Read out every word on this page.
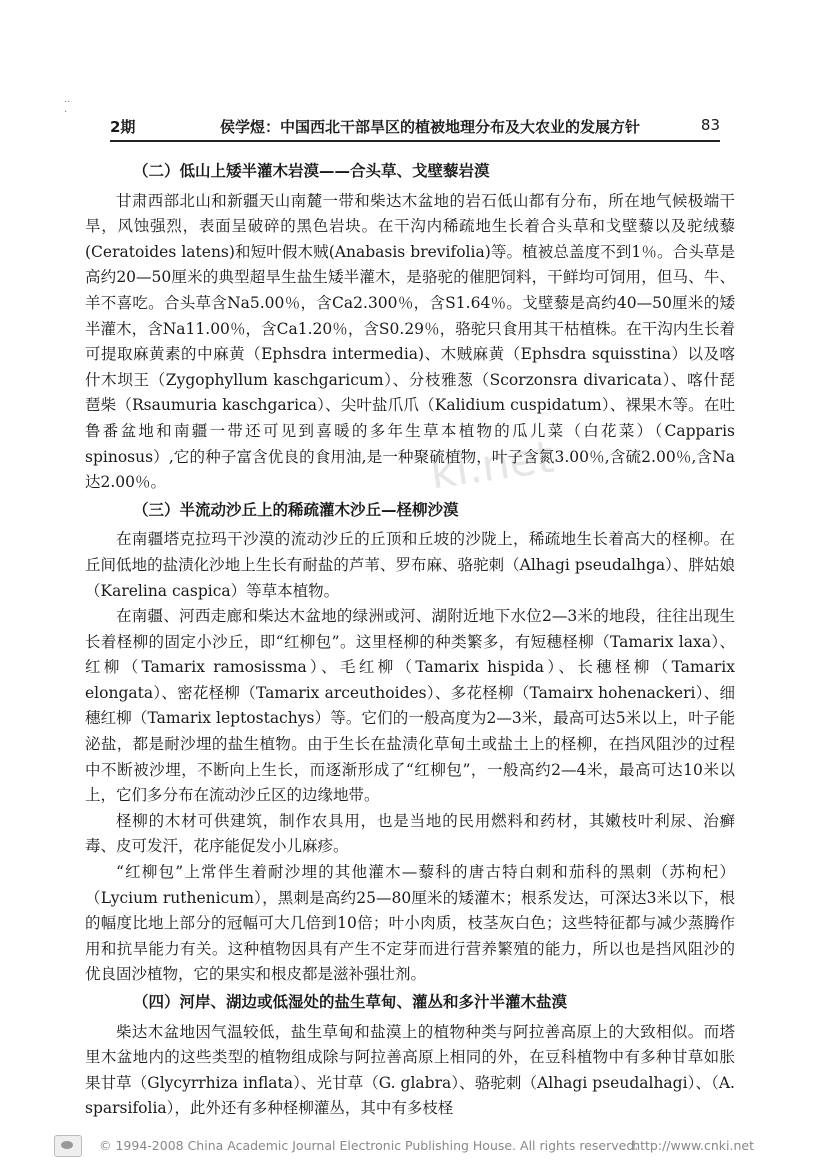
··
·
2期	侯学煜：中国西北干部旱区的植被地理分布及大农业的发展方针	83
ki.net
（二）低山上矮半灌木岩漠——合头草、戈壁藜岩漠

甘肃西部北山和新疆天山南麓一带和柴达木盆地的岩石低山都有分布，所在地气候极端干旱，风蚀强烈，表面呈破碎的黑色岩块。在干沟内稀疏地生长着合头草和戈壁藜以及驼绒藜(Ceratoides latens)和短叶假木贼(Anabasis brevifolia)等。植被总盖度不到1％。合头草是高约20—50厘米的典型超旱生盐生矮半灌木，是骆驼的催肥饲料，干鲜均可饲用，但马、牛、羊不喜吃。合头草含Na5.00％，含Ca2.300％，含S1.64％。戈壁藜是高约40—50厘米的矮半灌木，含Na11.00％，含Ca1.20％，含S0.29％，骆驼只食用其干枯植株。在干沟内生长着可提取麻黄素的中麻黄（Ephsdra intermedia)、木贼麻黄（Ephsdra squisstina）以及喀什木坝王（Zygophyllum kaschgaricum）、分枝雅葱（Scorzonsra divaricata）、喀什琵琶柴（Rsaumuria kaschgarica）、尖叶盐爪爪（Kalidium cuspidatum）、裸果木等。在吐鲁番盆地和南疆一带还可见到喜暖的多年生草本植物的瓜儿菜（白花菜）（Capparis spinosus）,它的种子富含优良的食用油,是一种聚硫植物，叶子含氮3.00％,含硫2.00％,含Na达2.00％。

（三）半流动沙丘上的稀疏灌木沙丘—柽柳沙漠

在南疆塔克拉玛干沙漠的流动沙丘的丘顶和丘坡的沙陇上，稀疏地生长着高大的柽柳。在丘间低地的盐渍化沙地上生长有耐盐的芦苇、罗布麻、骆驼刺（Alhagi pseudalhga）、胖姑娘（Karelina caspica）等草本植物。

在南疆、河西走廊和柴达木盆地的绿洲或河、湖附近地下水位2—3米的地段，往往出现生长着柽柳的固定小沙丘，即“红柳包”。这里柽柳的种类繁多，有短穗柽柳（Tamarix laxa）、红柳（Tamarix ramosissma）、毛红柳（Tamarix hispida）、长穗柽柳（Tamarix elongata）、密花柽柳（Tamarix arceuthoides）、多花柽柳（Tamairx hohenackeri）、细穗红柳（Tamarix leptostachys）等。它们的一般高度为2—3米，最高可达5米以上，叶子能泌盐，都是耐沙埋的盐生植物。由于生长在盐渍化草甸土或盐土上的柽柳，在挡风阻沙的过程中不断被沙埋，不断向上生长，而逐渐形成了“红柳包”，一般高约2—4米，最高可达10米以上，它们多分布在流动沙丘区的边缘地带。

柽柳的木材可供建筑，制作农具用，也是当地的民用燃料和药材，其嫩枝叶利尿、治癣毒、皮可发汗，花序能促发小儿麻疹。

“红柳包”上常伴生着耐沙埋的其他灌木—藜科的唐古特白刺和茄科的黑刺（苏枸杞）（Lycium ruthenicum），黑刺是高约25—80厘米的矮灌木；根系发达，可深达3米以下，根的幅度比地上部分的冠幅可大几倍到10倍；叶小肉质，枝茎灰白色；这些特征都与减少蒸腾作用和抗旱能力有关。这种植物因具有产生不定芽而进行营养繁殖的能力，所以也是挡风阻沙的优良固沙植物，它的果实和根皮都是滋补强壮剂。

（四）河岸、湖边或低湿处的盐生草甸、灌丛和多汁半灌木盐漠

柴达木盆地因气温较低，盐生草甸和盐漠上的植物种类与阿拉善高原上的大致相似。而塔里木盆地内的这些类型的植物组成除与阿拉善高原上相同的外，在豆科植物中有多种甘草如胀果甘草（Glycyrrhiza inflata）、光甘草（G. glabra）、骆驼刺（Alhagi pseudalhagi）、（A. sparsifolia），此外还有多种柽柳灌丛，其中有多枝柽

© 1994-2008 China Academic Journal Electronic Publishing House. All rights reserved.
http://www.cnki.net
